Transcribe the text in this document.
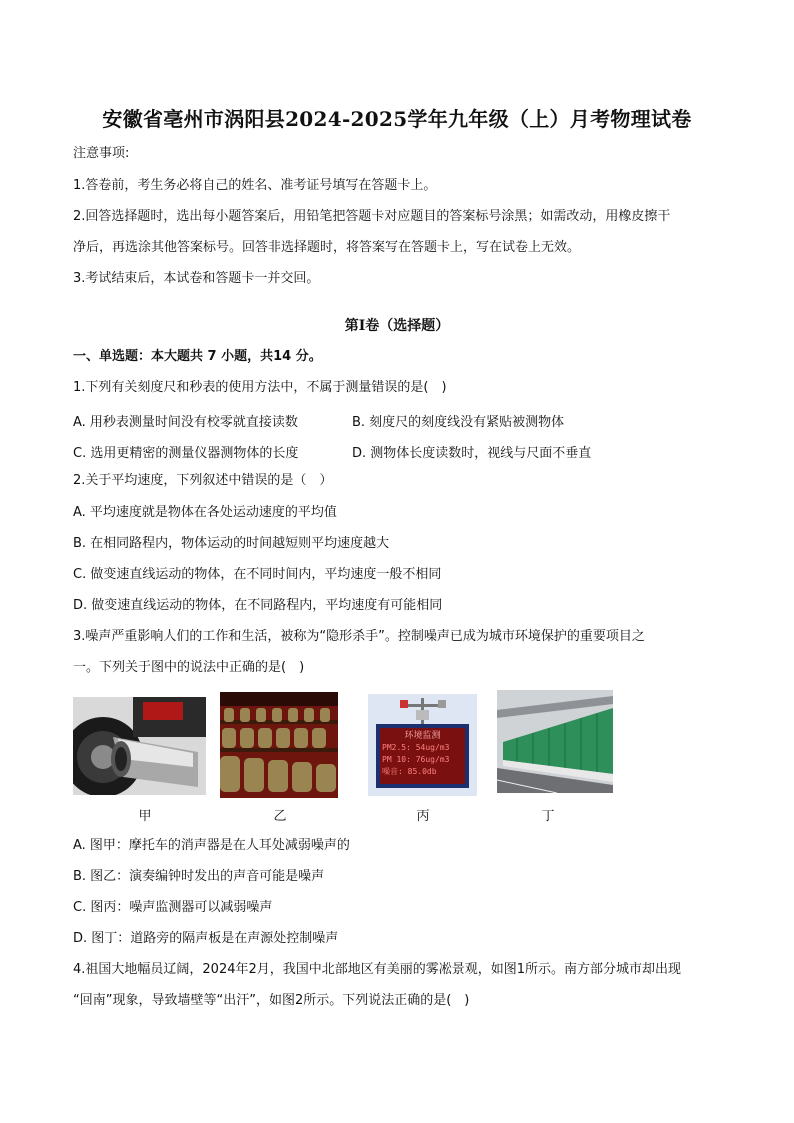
安徽省亳州市涡阳县2024-2025学年九年级（上）月考物理试卷
注意事项:
1.答卷前，考生务必将自己的姓名、准考证号填写在答题卡上。
2.回答选择题时，选出每小题答案后，用铅笔把答题卡对应题目的答案标号涂黑；如需改动，用橡皮擦干
净后，再选涂其他答案标号。回答非选择题时，将答案写在答题卡上，写在试卷上无效。
3.考试结束后，本试卷和答题卡一并交回。
第Ⅰ卷（选择题）
一、单选题：本大题共 7 小题，共14 分。
1.下列有关刻度尺和秒表的使用方法中，不属于测量错误的是(　)
A. 用秒表测量时间没有校零就直接读数	B. 刻度尺的刻度线没有紧贴被测物体
C. 选用更精密的测量仪器测物体的长度	D. 测物体长度读数时，视线与尺面不垂直
2.关于平均速度，下列叙述中错误的是（　）
A. 平均速度就是物体在各处运动速度的平均值
B. 在相同路程内，物体运动的时间越短则平均速度越大
C. 做变速直线运动的物体，在不同时间内，平均速度一般不相同
D. 做变速直线运动的物体，在不同路程内，平均速度有可能相同
3.噪声严重影响人们的工作和生活，被称为“隐形杀手”。控制噪声已成为城市环境保护的重要项目之
一。下列关于图中的说法中正确的是(　)
环境监测
PM2.5: 54ug/m3
PM 10: 76ug/m3
噪音: 85.0db
甲	乙	丙	丁
A. 图甲：摩托车的消声器是在人耳处减弱噪声的
B. 图乙：演奏编钟时发出的声音可能是噪声
C. 图丙：噪声监测器可以减弱噪声
D. 图丁：道路旁的隔声板是在声源处控制噪声
4.祖国大地幅员辽阔，2024年2月，我国中北部地区有美丽的雾凇景观，如图1所示。南方部分城市却出现
“回南”现象，导致墙壁等“出汗”，如图2所示。下列说法正确的是(　)
